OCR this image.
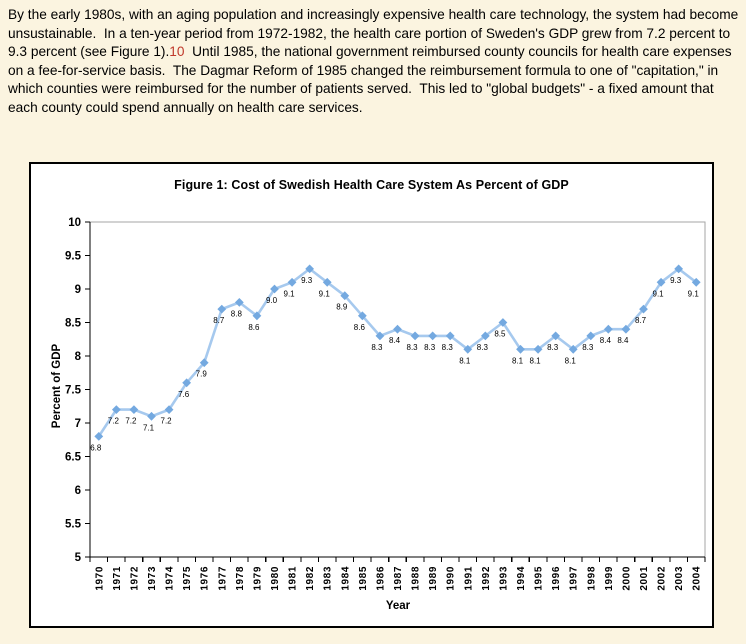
By the early 1980s, with an aging population and increasingly expensive health care technology, the system had become unsustainable.  In a ten-year period from 1972-1982, the health care portion of Sweden's GDP grew from 7.2 percent to 9.3 percent (see Figure 1).10  Until 1985, the national government reimbursed county councils for health care expenses on a fee-for-service basis.  The Dagmar Reform of 1985 changed the reimbursement formula to one of "capitation," in which counties were reimbursed for the number of patients served.  This led to "global budgets" - a fixed amount that each county could spend annually on health care services.

Figure 1: Cost of Swedish Health Care System As Percent of GDP
5
5.5
6
6.5
7
7.5
8
8.5
9
9.5
10
6.8
7.2 7.2
7.1
7.2
7.6
7.9
8.7
8.8
8.6
9.0
9.1
9.3
9.1
8.9
8.6
8.3
8.4
8.3 8.3 8.3
8.1
8.3
8.5
8.1 8.1
8.3
8.1
8.3
8.4 8.4
8.7
9.1
9.3
9.1
1970 1971 1972 1973 1974 1975 1976 1977 1978 1979 1980 1981 1982 1983 1984 1985 1986 1987 1988 1989 1990 1991 1992 1993 1994 1995 1996 1997 1998 1999 2000 2001 2002 2003 2004
Percent of GDP
Year
